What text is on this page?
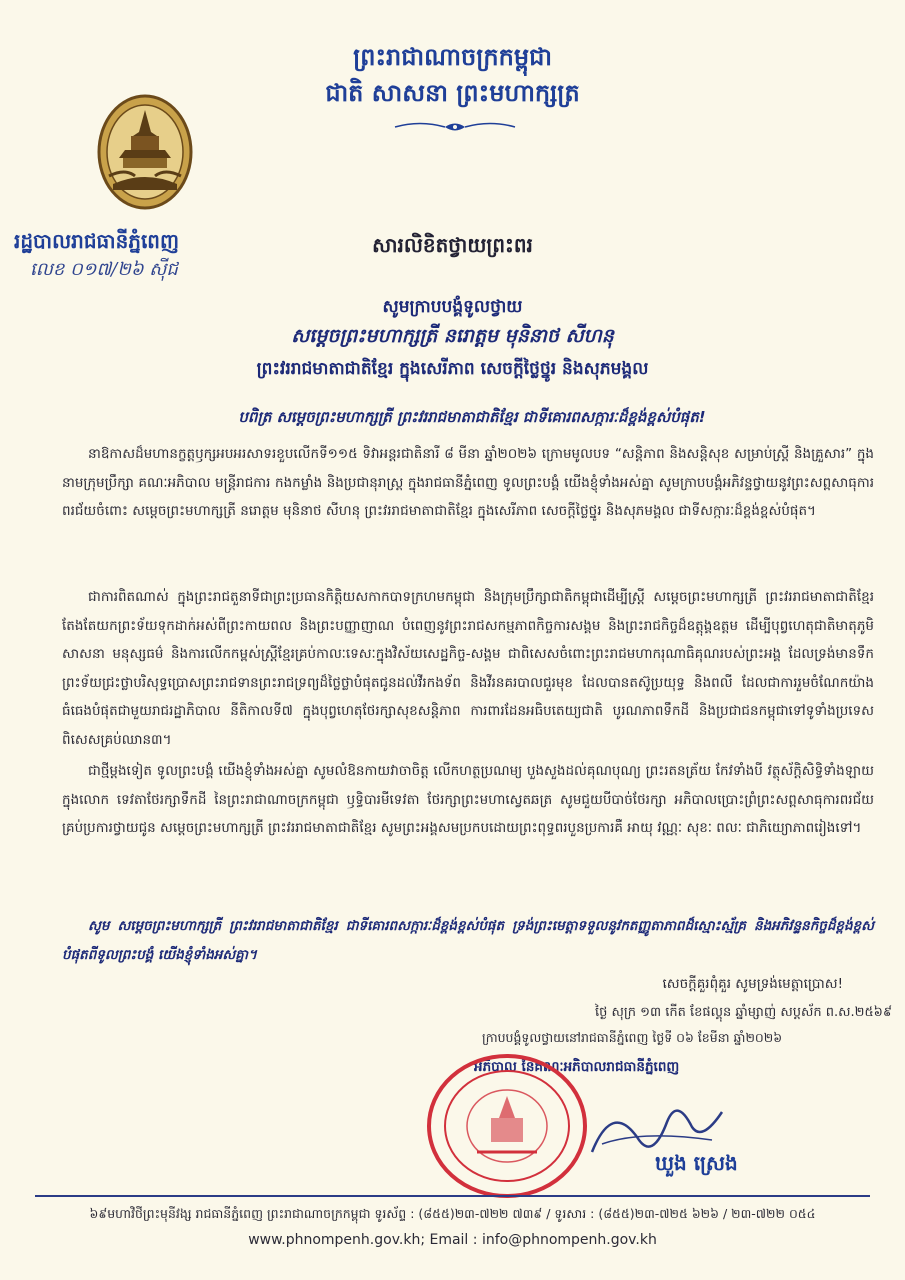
ព្រះរាជាណាចក្រកម្ពុជា
ជាតិ សាសនា ព្រះមហាក្សត្រ
រដ្ឋបាលរាជធានីភ្នំពេញ
លេខ ០១៧/២៦ ស៊ីជ
សារលិខិតថ្វាយព្រះពរ
សូមក្រាបបង្គំទូលថ្វាយ
សម្តេចព្រះមហាក្សត្រី នរោត្តម មុនិនាថ សីហនុ
ព្រះវររាជមាតាជាតិខ្មែរ ក្នុងសេរីភាព សេចក្តីថ្លៃថ្នូរ និងសុភមង្គល
បពិត្រ សម្តេចព្រះមហាក្សត្រី ព្រះវររាជមាតាជាតិខ្មែរ ជាទីគោរពសក្ការៈដ៏ខ្ពង់ខ្ពស់បំផុត!
នាឱកាសដ៏មហានក្ខត្តឫក្សអបអរសាទរខួបលើកទី១១៥ ទិវាអន្តរជាតិនារី ៨ មីនា ឆ្នាំ២០២៦ ក្រោមមូលបទ “សន្តិភាព និងសន្តិសុខ សម្រាប់ស្ត្រី និងគ្រួសារ” ក្នុងនាមក្រុមប្រឹក្សា គណៈអភិបាល មន្ត្រីរាជការ កងកម្លាំង និងប្រជានុរាស្ត្រ ក្នុងរាជធានីភ្នំពេញ ទូលព្រះបង្គំ យើងខ្ញុំទាំងអស់គ្នា សូមក្រាបបង្គំអភិវន្ទថ្វាយនូវព្រះសព្ពសាធុការពរជ័យចំពោះ សម្តេចព្រះមហាក្សត្រី នរោត្តម មុនិនាថ សីហនុ ព្រះវររាជមាតាជាតិខ្មែរ ក្នុងសេរីភាព សេចក្តីថ្លៃថ្នូរ និងសុភមង្គល ជាទីសក្ការៈដ៏ខ្ពង់ខ្ពស់បំផុត។
ជាការពិតណាស់ ក្នុងព្រះរាជតួនាទីជាព្រះប្រធានកិត្តិយសកាកបាទក្រហមកម្ពុជា និងក្រុមប្រឹក្សាជាតិកម្ពុជាដើម្បីស្ត្រី សម្តេចព្រះមហាក្សត្រី ព្រះវររាជមាតាជាតិខ្មែរ តែងតែយកព្រះទ័យទុកដាក់អស់ពីព្រះកាយពល និងព្រះបញ្ញាញាណ បំពេញនូវព្រះរាជសកម្មភាពកិច្ចការសង្គម និងព្រះរាជកិច្ចដ៏ឧត្តុង្គឧត្តម ដើម្បីបុព្វហេតុជាតិមាតុភូមិ សាសនា មនុស្សធម៌ និងការលើកកម្ពស់ស្ត្រីខ្មែរគ្រប់កាលៈទេសៈក្នុងវិស័យសេដ្ឋកិច្ច-សង្គម ជាពិសេសចំពោះព្រះរាជមហាករុណាធិគុណរបស់ព្រះអង្គ ដែលទ្រង់មានទឹកព្រះទ័យជ្រះថ្លាបរិសុទ្ធប្រោសព្រះរាជទានព្រះរាជទ្រព្យដ៏ថ្លៃថ្លាបំផុតជូនដល់វីរកងទ័ព និងវីរនគរបាលជួរមុខ ដែលបានតស៊ូប្រយុទ្ធ និងពលី ដែលជាការរួមចំណែកយ៉ាងធំធេងបំផុតជាមួយរាជរដ្ឋាភិបាល នីតិកាលទី៧ ក្នុងបុព្វហេតុថែរក្សាសុខសន្តិភាព ការពារដែនអធិបតេយ្យជាតិ បូរណភាពទឹកដី និងប្រជាជនកម្ពុជាទៅទូទាំងប្រទេសពិសេសគ្រប់ឈាន៣។
ជាថ្មីម្តងទៀត ទូលព្រះបង្គំ យើងខ្ញុំទាំងអស់គ្នា សូមលំឱនកាយវាចាចិត្ត លើកហត្ថប្រណម្យ បួងសួងដល់គុណបុណ្យ ព្រះរតនត្រ័យ កែវទាំងបី វត្ថុស័ក្តិសិទ្ធិទាំងឡាយក្នុងលោក ទេវតាថែរក្សាទឹកដី នៃព្រះរាជាណាចក្រកម្ពុជា ឫទ្ធិបារមីទេវតា ថែរក្សាព្រះមហាស្វេតឆត្រ សូមជួយបីបាច់ថែរក្សា អភិបាលប្រោះព្រំព្រះសព្ពសាធុការពរជ័យគ្រប់ប្រការថ្វាយជូន សម្តេចព្រះមហាក្សត្រី ព្រះវររាជមាតាជាតិខ្មែរ សូមព្រះអង្គសមប្រកបដោយព្រះពុទ្ធពរបួនប្រការគឺ អាយុ វណ្ណៈ សុខៈ ពលៈ ជាភិយ្យោភាពរៀងទៅ។
សូម សម្តេចព្រះមហាក្សត្រី ព្រះវររាជមាតាជាតិខ្មែរ ជាទីគោរពសក្ការៈដ៏ខ្ពង់ខ្ពស់បំផុត ទ្រង់ព្រះមេត្តាទទួលនូវកតញ្ញូតាភាពដ៏ស្មោះស្ម័គ្រ និងអភិវន្ទនកិច្ចដ៏ខ្ពង់ខ្ពស់បំផុតពីទូលព្រះបង្គំ យើងខ្ញុំទាំងអស់គ្នា។
សេចក្តីគួរពុំគួរ សូមទ្រង់មេត្តាប្រោស!
ថ្ងៃ សុក្រ ១៣ កើត ខែផល្គុន ឆ្នាំម្សាញ់ សប្តស័ក ព.ស.២៥៦៩
ក្រាបបង្គំទូលថ្វាយនៅរាជធានីភ្នំពេញ ថ្ងៃទី ០៦ ខែមីនា ឆ្នាំ២០២៦
អភិបាល នៃគណៈអភិបាលរាជធានីភ្នំពេញ
ឃួង ស្រេង
៦៩មហាវិថីព្រះមុនីវង្ស រាជធានីភ្នំពេញ ព្រះរាជាណាចក្រកម្ពុជា ទូរស័ព្ទ : (៨៥៥)២៣-៧២២ ៧៣៩ / ទូរសារ : (៨៥៥)២៣-៧២៥ ៦២៦ / ២៣-៧២២ ០៥៤
www.phnompenh.gov.kh; Email : info@phnompenh.gov.kh
